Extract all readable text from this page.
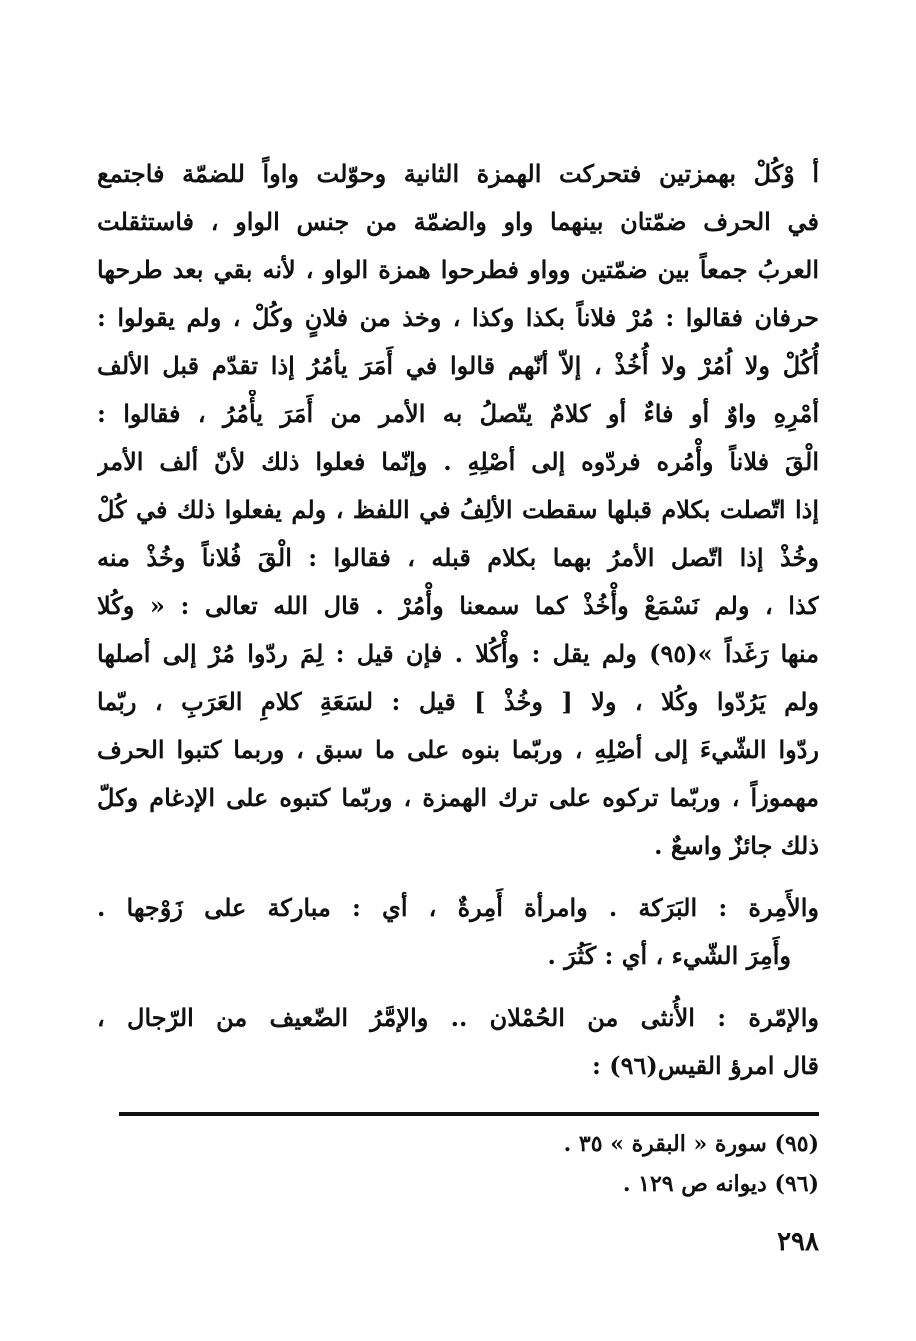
أ وْكُلْ بهمزتين فتحركت الهمزة الثانية وحوّلت واواً للضمّة فاجتمع
في الحرف ضمّتان بينهما واو والضمّة من جنس الواو ، فاستثقلت
العربُ جمعاً بين ضمّتين وواو فطرحوا همزة الواو ، لأنه بقي بعد طرحها
حرفان فقالوا : مُرْ فلاناً بكذا وكذا ، وخذ من فلانٍ وكُلْ ، ولم يقولوا :
أُكُلْ ولا اُمُرْ ولا أُخُذْ ، إلاّ أنّهم قالوا في أَمَرَ يأمُرُ إذا تقدّم قبل الألف
أمْرِهِ واوٌ أو فاءٌ أو كلامٌ يتّصلُ به الأمر من أَمَرَ يأْمُرُ ، فقالوا :
الْقَ فلاناً وأْمُره فردّوه إلى أصْلِهِ . وإنّما فعلوا ذلك لأنّ ألف الأمر
إذا اتّصلت بكلام قبلها سقطت الألِفُ في اللفظ ، ولم يفعلوا ذلك في كُلْ
وخُذْ إذا اتّصل الأمرُ بهما بكلام قبله ، فقالوا : الْقَ فُلاناً وخُذْ منه
كذا ، ولم نَسْمَعْ وأْخُذْ كما سمعنا وأْمُرْ . قال الله تعالى : « وكُلا
منها رَغَداً »(٩٥) ولم يقل : وأْكُلا . فإن قيل : لِمَ ردّوا مُرْ إلى أصلها
ولم يَرُدّوا وكُلا ، ولا [ وخُذْ ] قيل : لسَعَةِ كلامِ العَرَبِ ، ربّما
ردّوا الشّيءَ إلى أصْلِهِ ، وربّما بنوه على ما سبق ، وربما كتبوا الحرف
مهموزاً ، وربّما تركوه على ترك الهمزة ، وربّما كتبوه على الإدغام وكلّ
ذلك جائزٌ واسعٌ .
والأَمِرة : البَرَكة . وامرأة أَمِرةٌ ، أي : مباركة على زَوْجها .
وأَمِرَ الشّيء ، أي : كَثُرَ .
والإمّرة : الأُنثى من الحُمْلان .. والإمَّرُ الضّعيف من الرّجال ،
قال امرؤ القيس(٩٦) :
(٩٥) سورة « البقرة » ٣٥ .
(٩٦) ديوانه ص ١٢٩ .
٢٩٨
